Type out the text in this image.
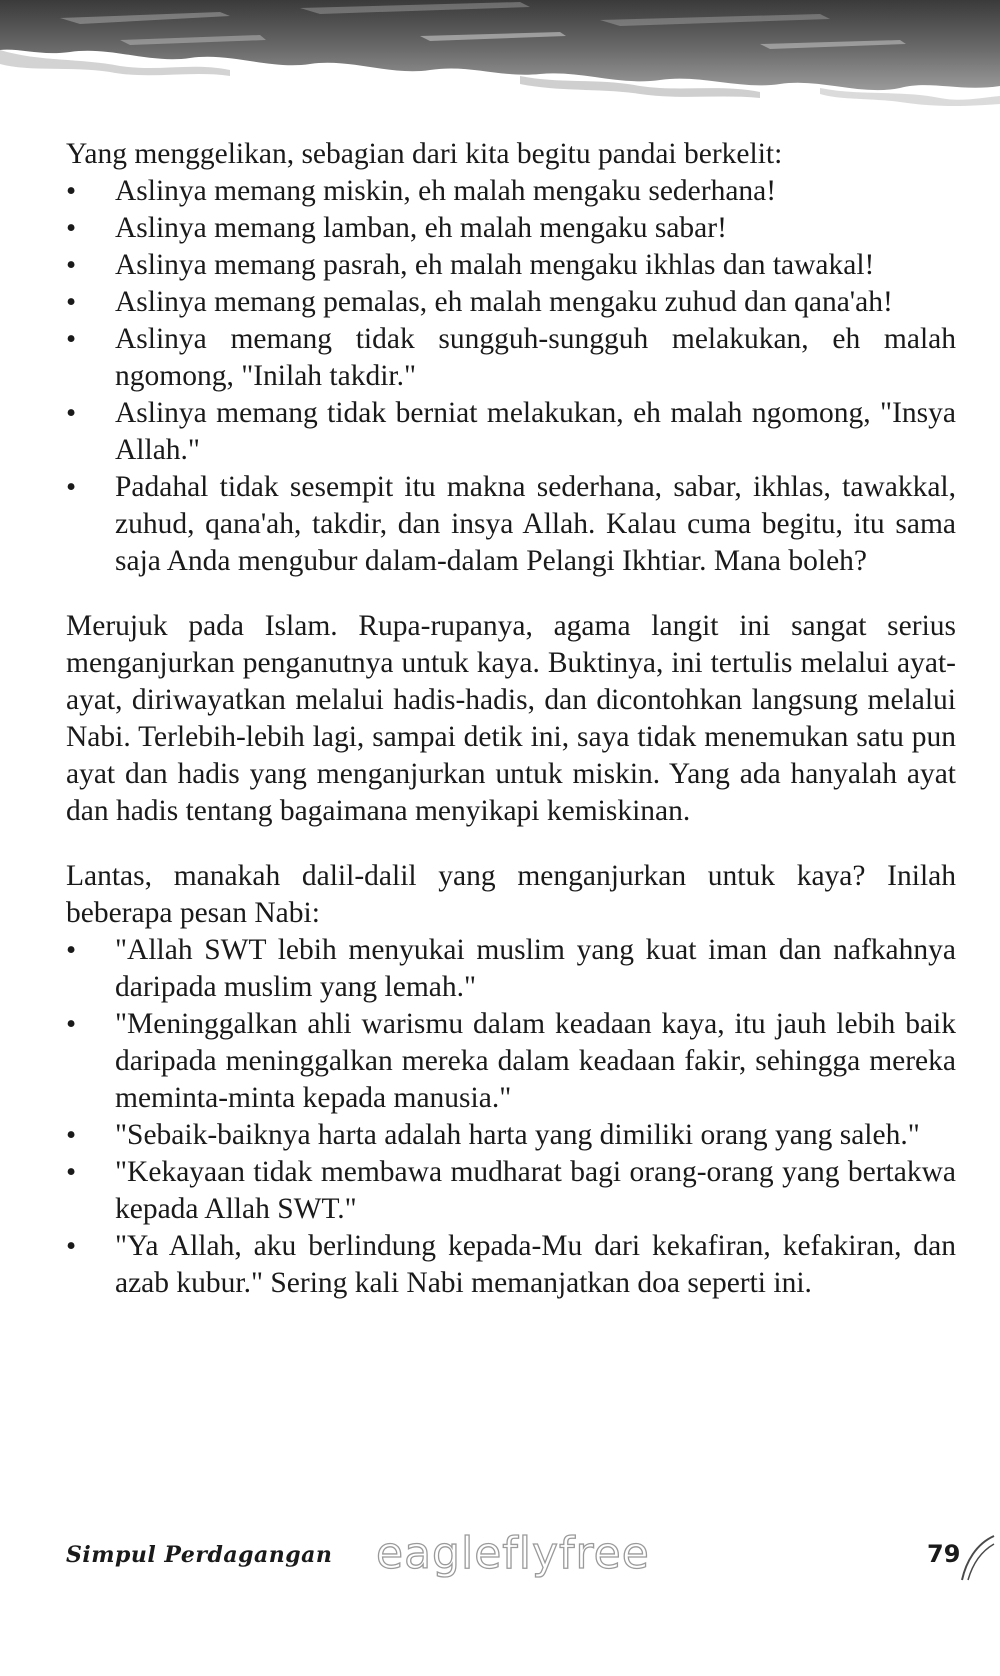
Yang menggelikan, sebagian dari kita begitu pandai berkelit:

•	Aslinya memang miskin, eh malah mengaku sederhana!
•	Aslinya memang lamban, eh malah mengaku sabar!
•	Aslinya memang pasrah, eh malah mengaku ikhlas dan tawakal!
•	Aslinya memang pemalas, eh malah mengaku zuhud dan qana'ah!
•	Aslinya memang tidak sungguh-sungguh melakukan, eh malah ngomong, "Inilah takdir."
•	Aslinya memang tidak berniat melakukan, eh malah ngomong, "Insya Allah."
•	Padahal tidak sesempit itu makna sederhana, sabar, ikhlas, tawakkal, zuhud, qana'ah, takdir, dan insya Allah. Kalau cuma begitu, itu sama saja Anda mengubur dalam-dalam Pelangi Ikhtiar. Mana boleh?

Merujuk pada Islam. Rupa-rupanya, agama langit ini sangat serius menganjurkan penganutnya untuk kaya. Buktinya, ini tertulis melalui ayat-ayat, diriwayatkan melalui hadis-hadis, dan dicontohkan langsung melalui Nabi. Terlebih-lebih lagi, sampai detik ini, saya tidak menemukan satu pun ayat dan hadis yang menganjurkan untuk miskin. Yang ada hanyalah ayat dan hadis tentang bagaimana menyikapi kemiskinan.

Lantas, manakah dalil-dalil yang menganjurkan untuk kaya? Inilah beberapa pesan Nabi:

•	"Allah SWT lebih menyukai muslim yang kuat iman dan nafkahnya daripada muslim yang lemah."
•	"Meninggalkan ahli warismu dalam keadaan kaya, itu jauh lebih baik daripada meninggalkan mereka dalam keadaan fakir, sehingga mereka meminta-minta kepada manusia."
•	"Sebaik-baiknya harta adalah harta yang dimiliki orang yang saleh."
•	"Kekayaan tidak membawa mudharat bagi orang-orang yang bertakwa kepada Allah SWT."
•	"Ya Allah, aku berlindung kepada-Mu dari kekafiran, kefakiran, dan azab kubur." Sering kali Nabi memanjatkan doa seperti ini.
Simpul Perdagangan eagleflyfree	79
